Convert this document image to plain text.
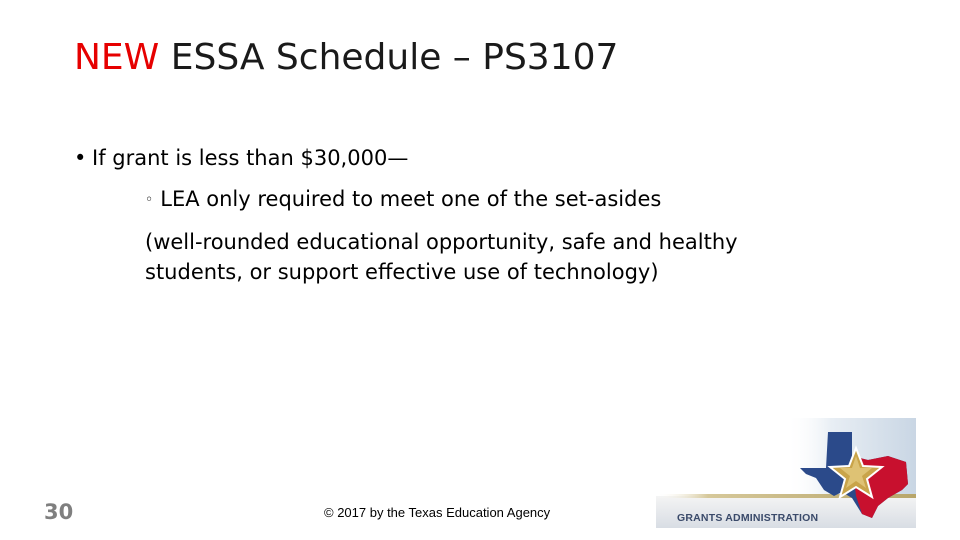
NEW ESSA Schedule – PS3107
• If grant is less than $30,000—
◦ LEA only required to meet one of the set-asides
(well-rounded educational opportunity, safe and healthy students, or support effective use of technology)
30	© 2017 by the Texas Education Agency	GRANTS ADMINISTRATION
